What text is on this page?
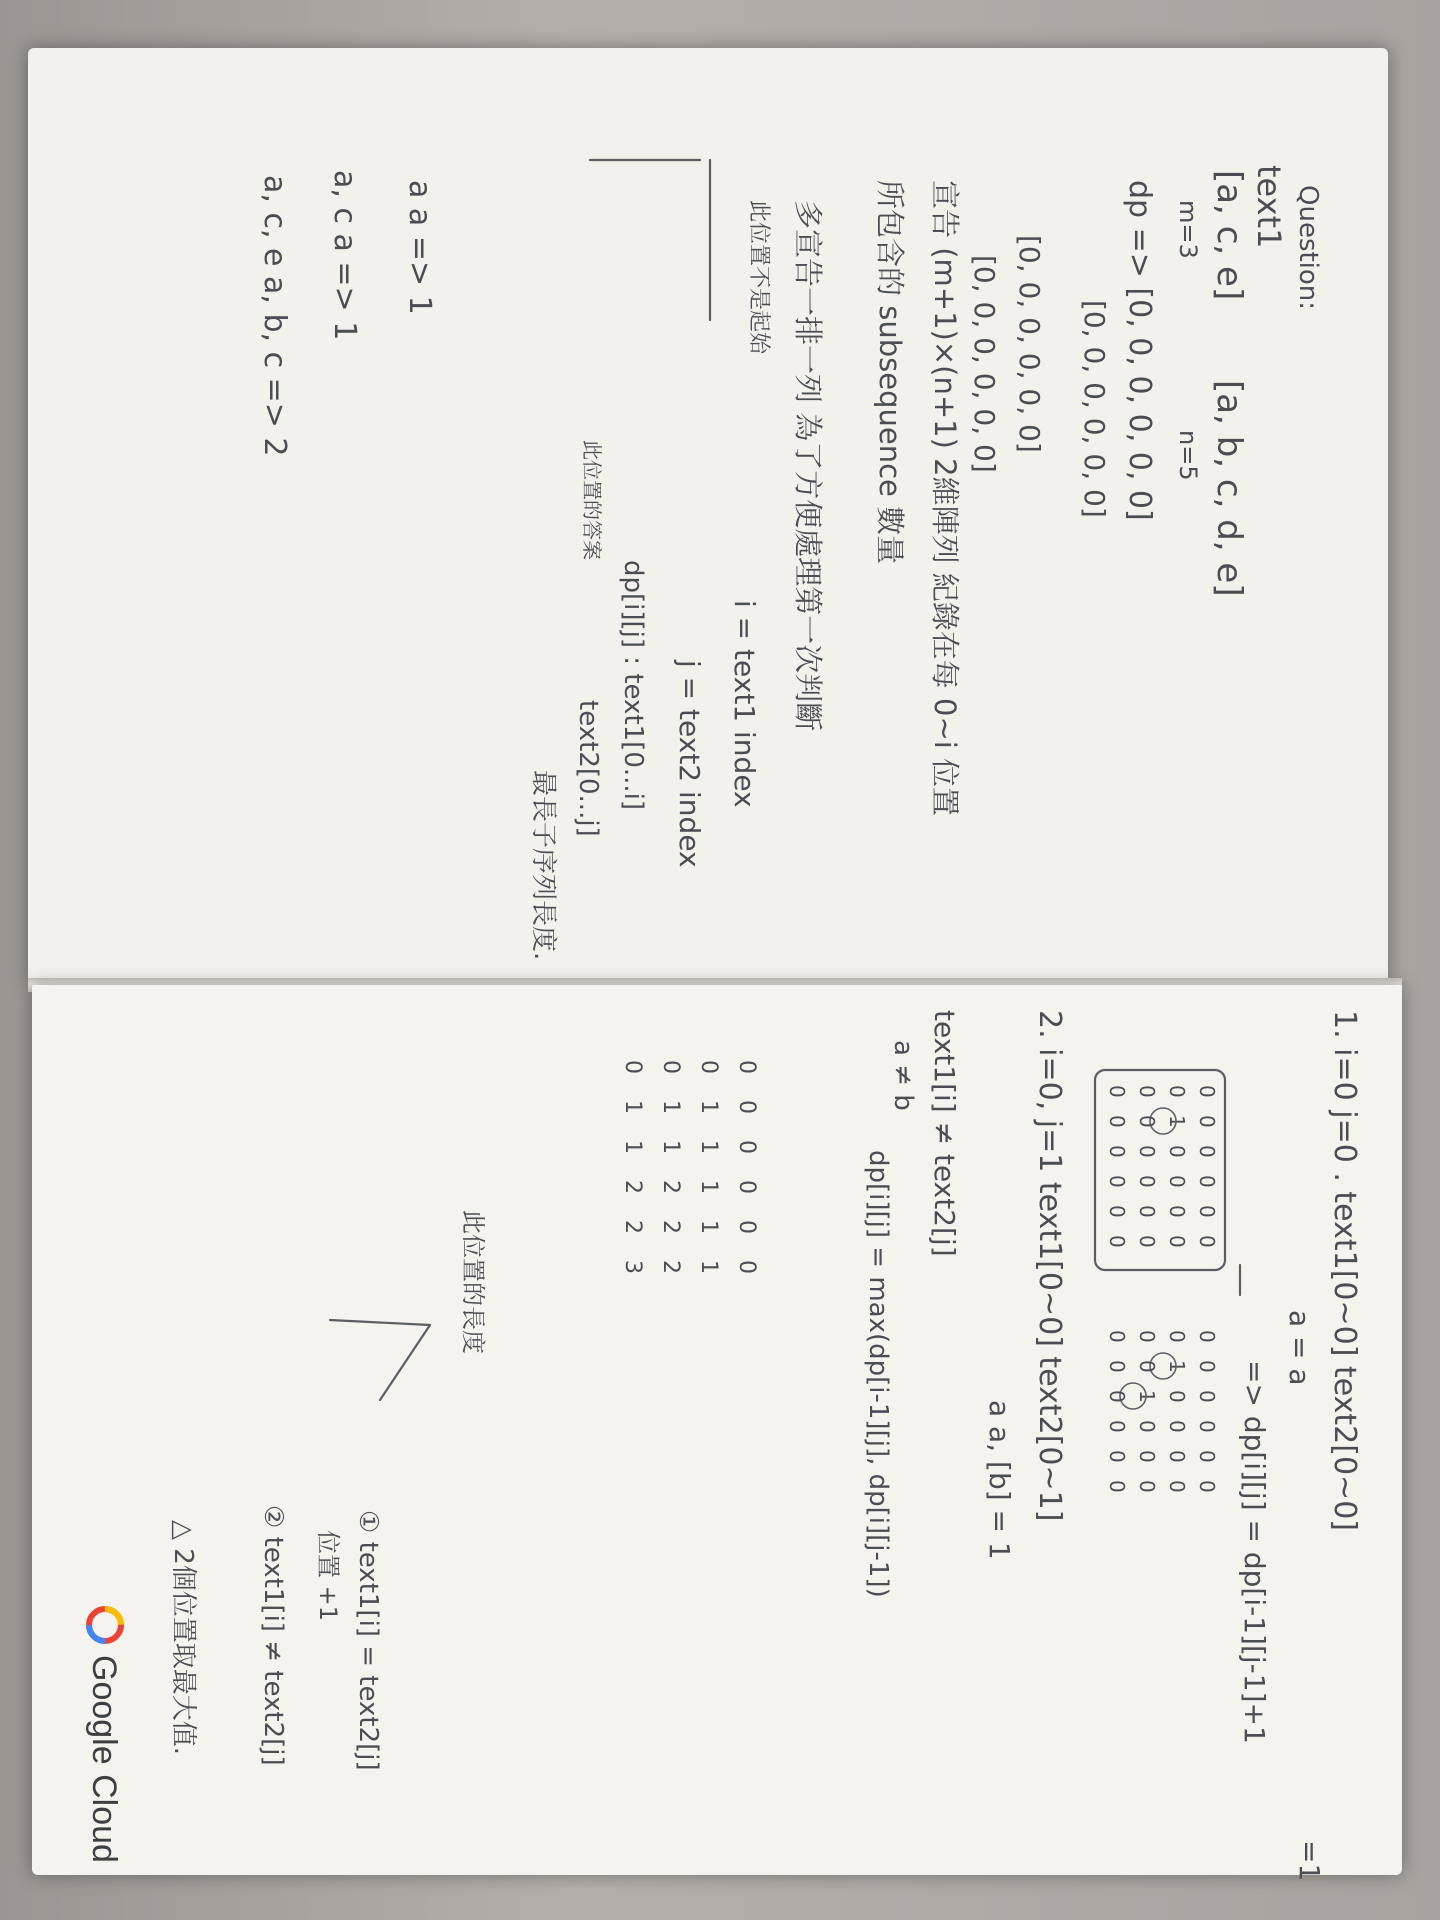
Question:
text1
[a, c, e]
m=3
[a, b, c, d, e]
n=5
dp => [0, 0, 0, 0, 0, 0]
[0, 0, 0, 0, 0, 0]
[0, 0, 0, 0, 0, 0]
[0, 0, 0, 0, 0, 0]
宣告 (m+1)×(n+1) 2維陣列 紀錄在每 0~i 位置
所包含的 subsequence 數量
多宣告一排一列 為了方便處理第一次判斷
此位置不是起始
i = text1 index
j = text2 index
dp[i][j] : text1[0...i]
text2[0...j]
最長子序列長度.
此位置的答案
a a => 1
a, c a => 1
a, c, e a, b, c => 2
1. i=0 j=0 . text1[0~0] text2[0~0]
a = a
=> dp[i][j] = dp[i-1][j-1]+1
=1
0
0
0
0
0
0
0
1
0
0
0
0
0
0
0
0
0
0
0
0
0
0
0
0
0
0
0
0
0
0
0
1
0
0
0
0
0
0
1
0
0
0
0
0
0
0
0
0
2. i=0, j=1 text1[0~0] text2[0~1]
a a, [b] = 1
text1[i] ≠ text2[j]
a ≠ b
dp[i][j] = max(dp[i-1][j], dp[i][j-1])
0
0
0
0
0
0
0
1
1
1
1
1
0
1
1
2
2
2
0
1
1
2
2
3
此位置的長度
① text1[i] = text2[j]
位置 +1
② text1[i] ≠ text2[j]
△ 2個位置取最大值.
Google Cloud
